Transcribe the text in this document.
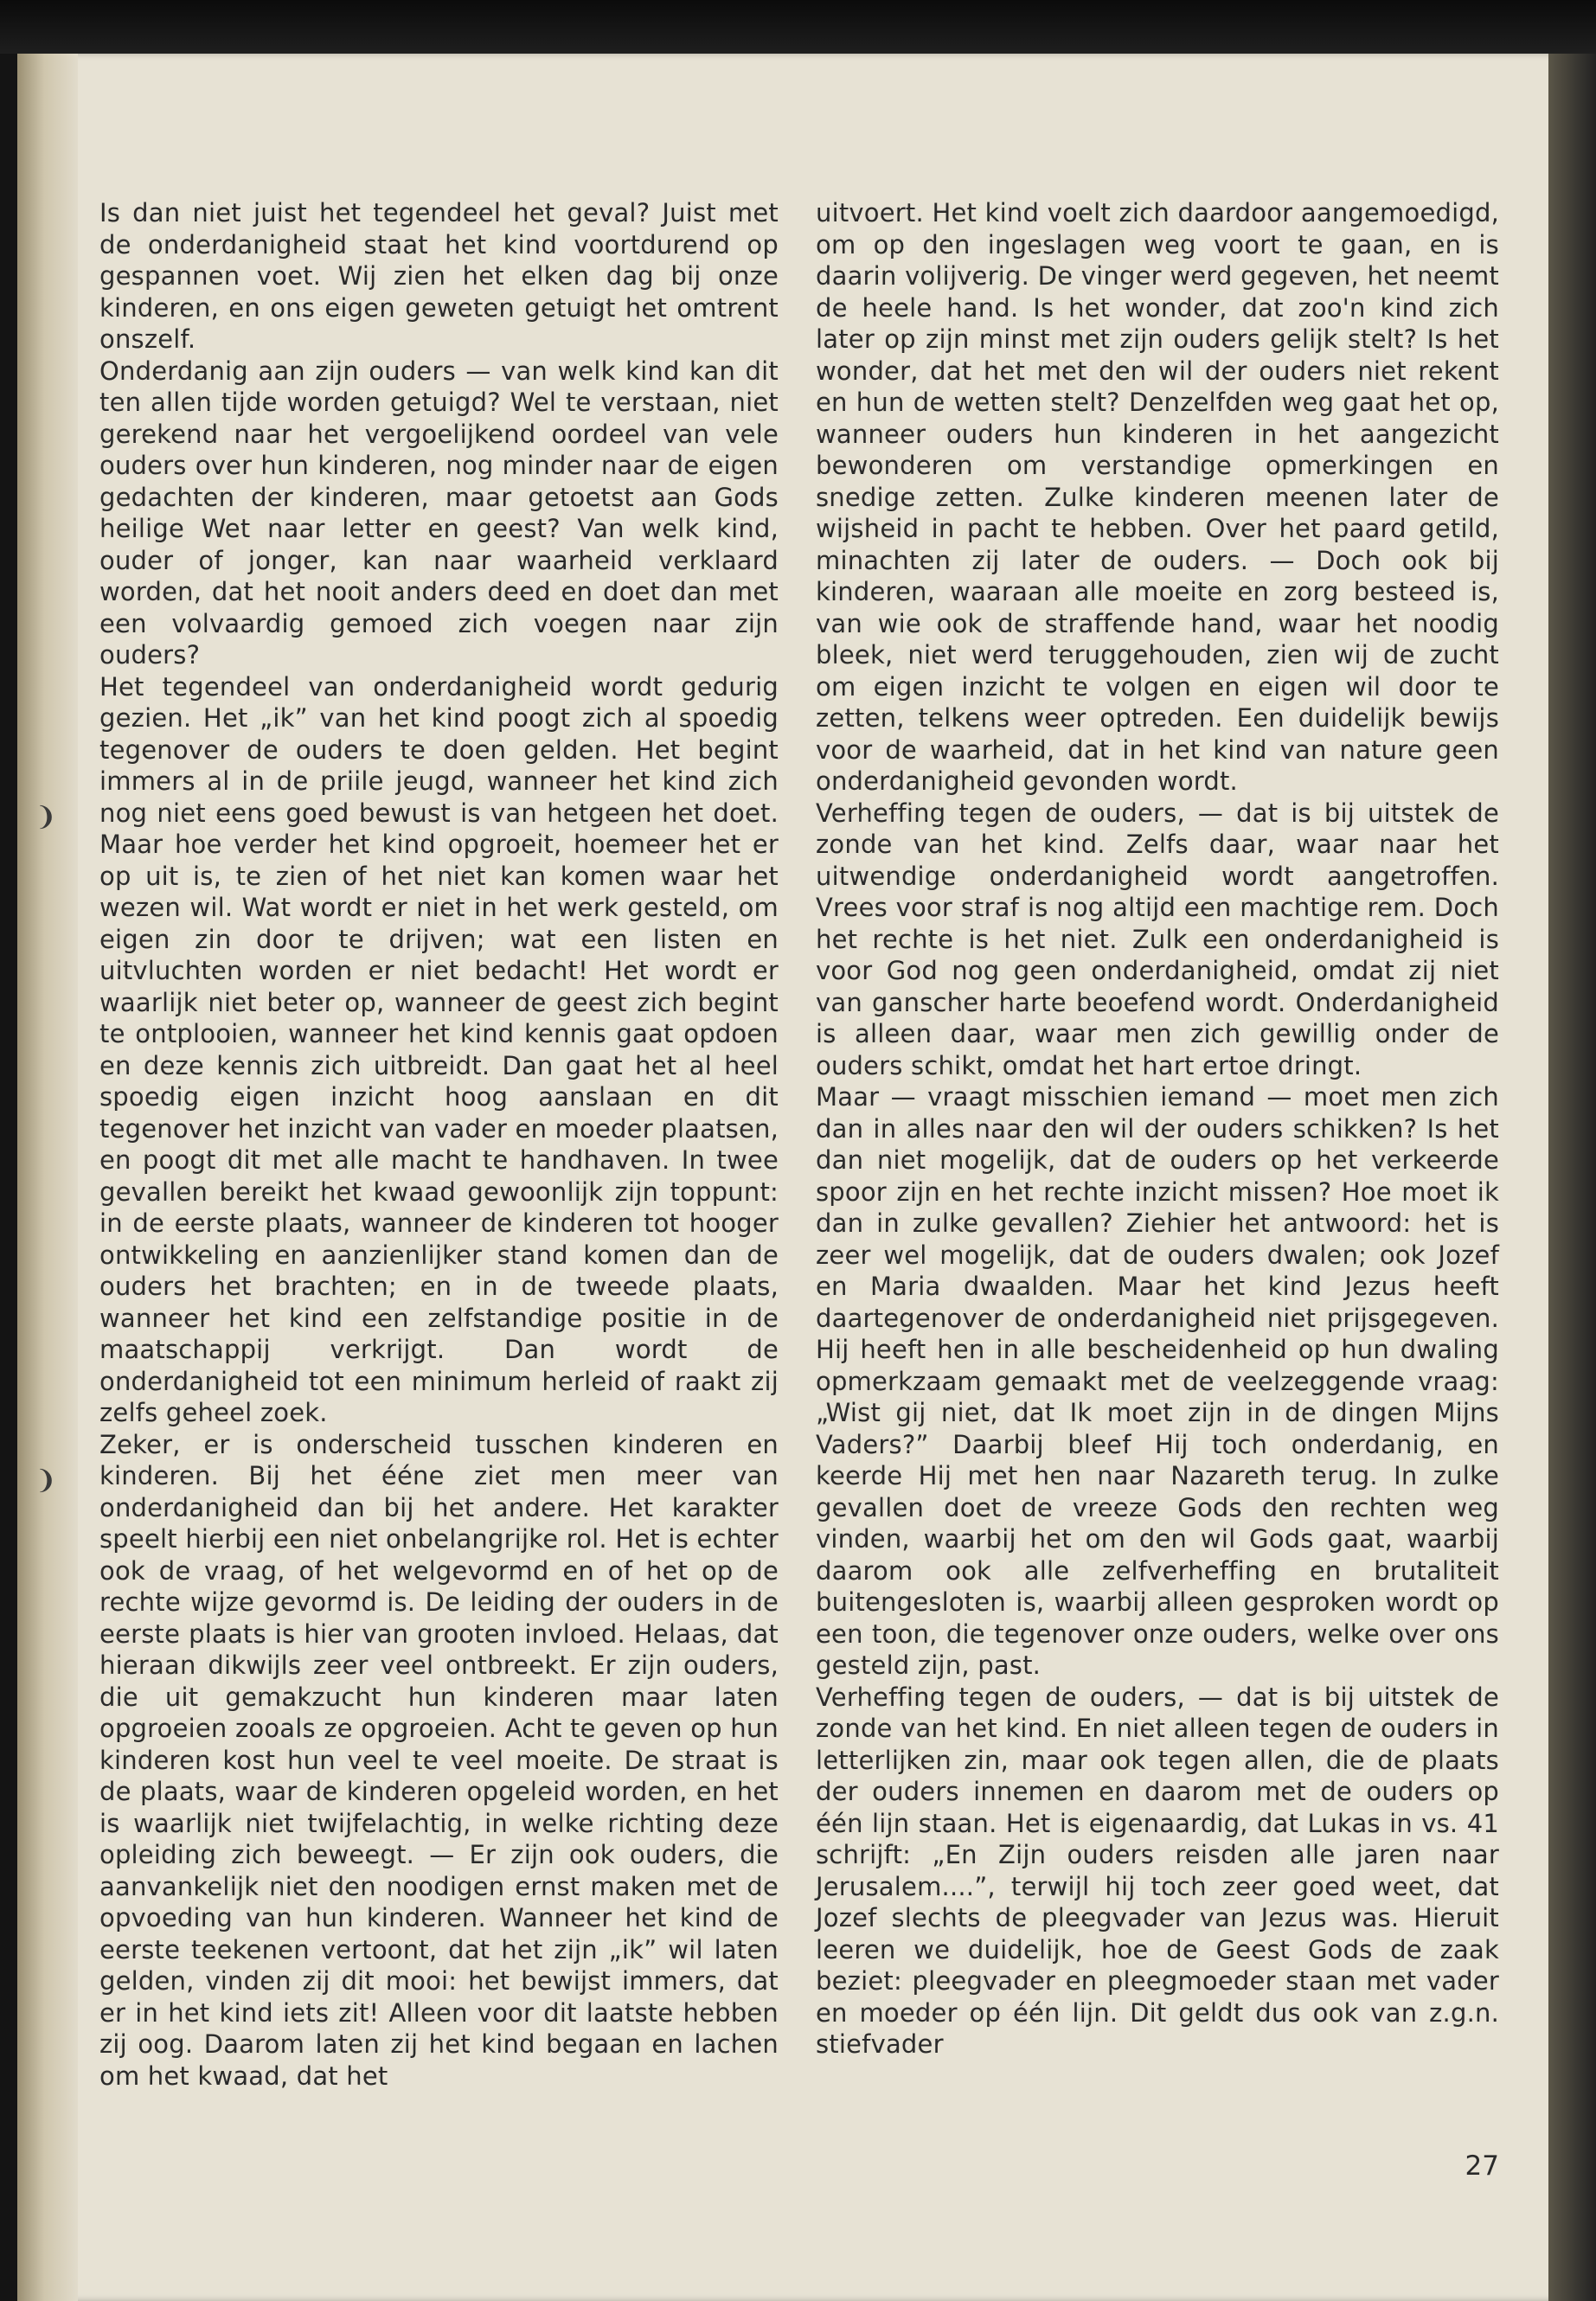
❩
❩

Is dan niet juist het tegendeel het geval? Juist met de onderdanigheid staat het kind voortdurend op gespannen voet. Wij zien het elken dag bij onze kinderen, en ons eigen geweten getuigt het omtrent onszelf.

Onderdanig aan zijn ouders — van welk kind kan dit ten allen tijde worden getuigd? Wel te verstaan, niet gerekend naar het vergoelijkend oordeel van vele ouders over hun kinderen, nog minder naar de eigen gedachten der kinderen, maar getoetst aan Gods heilige Wet naar letter en geest? Van welk kind, ouder of jonger, kan naar waarheid verklaard worden, dat het nooit anders deed en doet dan met een volvaardig gemoed zich voegen naar zijn ouders?

Het tegendeel van onderdanigheid wordt gedurig gezien. Het „ik” van het kind poogt zich al spoedig tegenover de ouders te doen gelden. Het begint immers al in de priile jeugd, wanneer het kind zich nog niet eens goed bewust is van hetgeen het doet. Maar hoe verder het kind opgroeit, hoemeer het er op uit is, te zien of het niet kan komen waar het wezen wil. Wat wordt er niet in het werk gesteld, om eigen zin door te drijven; wat een listen en uitvluchten worden er niet bedacht! Het wordt er waarlijk niet beter op, wanneer de geest zich begint te ontplooien, wanneer het kind kennis gaat opdoen en deze kennis zich uitbreidt. Dan gaat het al heel spoedig eigen inzicht hoog aanslaan en dit tegenover het inzicht van vader en moeder plaatsen, en poogt dit met alle macht te handhaven. In twee gevallen bereikt het kwaad gewoonlijk zijn toppunt: in de eerste plaats, wanneer de kinderen tot hooger ontwikkeling en aanzienlijker stand komen dan de ouders het brachten; en in de tweede plaats, wanneer het kind een zelfstandige positie in de maatschappij verkrijgt. Dan wordt de onderdanigheid tot een minimum herleid of raakt zij zelfs geheel zoek.

Zeker, er is onderscheid tusschen kinderen en kinderen. Bij het ééne ziet men meer van onderdanigheid dan bij het andere. Het karakter speelt hierbij een niet onbelangrijke rol. Het is echter ook de vraag, of het welgevormd en of het op de rechte wijze gevormd is. De leiding der ouders in de eerste plaats is hier van grooten invloed. Helaas, dat hieraan dikwijls zeer veel ontbreekt. Er zijn ouders, die uit gemakzucht hun kinderen maar laten opgroeien zooals ze opgroeien. Acht te geven op hun kinderen kost hun veel te veel moeite. De straat is de plaats, waar de kinderen opgeleid worden, en het is waarlijk niet twijfelachtig, in welke richting deze opleiding zich beweegt. — Er zijn ook ouders, die aanvankelijk niet den noodigen ernst maken met de opvoeding van hun kinderen. Wanneer het kind de eerste teekenen vertoont, dat het zijn „ik” wil laten gelden, vinden zij dit mooi: het bewijst immers, dat er in het kind iets zit! Alleen voor dit laatste hebben zij oog. Daarom laten zij het kind begaan en lachen om het kwaad, dat het

uitvoert. Het kind voelt zich daardoor aangemoedigd, om op den ingeslagen weg voort te gaan, en is daarin volijverig. De vinger werd gegeven, het neemt de heele hand. Is het wonder, dat zoo'n kind zich later op zijn minst met zijn ouders gelijk stelt? Is het wonder, dat het met den wil der ouders niet rekent en hun de wetten stelt? Denzelfden weg gaat het op, wanneer ouders hun kinderen in het aangezicht bewonderen om verstandige opmerkingen en snedige zetten. Zulke kinderen meenen later de wijsheid in pacht te hebben. Over het paard getild, minachten zij later de ouders. — Doch ook bij kinderen, waaraan alle moeite en zorg besteed is, van wie ook de straffende hand, waar het noodig bleek, niet werd teruggehouden, zien wij de zucht om eigen inzicht te volgen en eigen wil door te zetten, telkens weer optreden. Een duidelijk bewijs voor de waarheid, dat in het kind van nature geen onderdanigheid gevonden wordt.

Verheffing tegen de ouders, — dat is bij uitstek de zonde van het kind. Zelfs daar, waar naar het uitwendige onderdanigheid wordt aangetroffen. Vrees voor straf is nog altijd een machtige rem. Doch het rechte is het niet. Zulk een onderdanigheid is voor God nog geen onderdanigheid, omdat zij niet van ganscher harte beoefend wordt. Onderdanigheid is alleen daar, waar men zich gewillig onder de ouders schikt, omdat het hart ertoe dringt.

Maar — vraagt misschien iemand — moet men zich dan in alles naar den wil der ouders schikken? Is het dan niet mogelijk, dat de ouders op het verkeerde spoor zijn en het rechte inzicht missen? Hoe moet ik dan in zulke gevallen? Ziehier het antwoord: het is zeer wel mogelijk, dat de ouders dwalen; ook Jozef en Maria dwaalden. Maar het kind Jezus heeft daartegenover de onderdanigheid niet prijsgegeven. Hij heeft hen in alle bescheidenheid op hun dwaling opmerkzaam gemaakt met de veelzeggende vraag: „Wist gij niet, dat Ik moet zijn in de dingen Mijns Vaders?” Daarbij bleef Hij toch onderdanig, en keerde Hij met hen naar Nazareth terug. In zulke gevallen doet de vreeze Gods den rechten weg vinden, waarbij het om den wil Gods gaat, waarbij daarom ook alle zelfverheffing en brutaliteit buitengesloten is, waarbij alleen gesproken wordt op een toon, die tegenover onze ouders, welke over ons gesteld zijn, past.

Verheffing tegen de ouders, — dat is bij uitstek de zonde van het kind. En niet alleen tegen de ouders in letterlijken zin, maar ook tegen allen, die de plaats der ouders innemen en daarom met de ouders op één lijn staan. Het is eigenaardig, dat Lukas in vs. 41 schrijft: „En Zijn ouders reisden alle jaren naar Jerusalem....”, terwijl hij toch zeer goed weet, dat Jozef slechts de pleegvader van Jezus was. Hieruit leeren we duidelijk, hoe de Geest Gods de zaak beziet: pleegvader en pleegmoeder staan met vader en moeder op één lijn. Dit geldt dus ook van z.g.n. stiefvader

27
